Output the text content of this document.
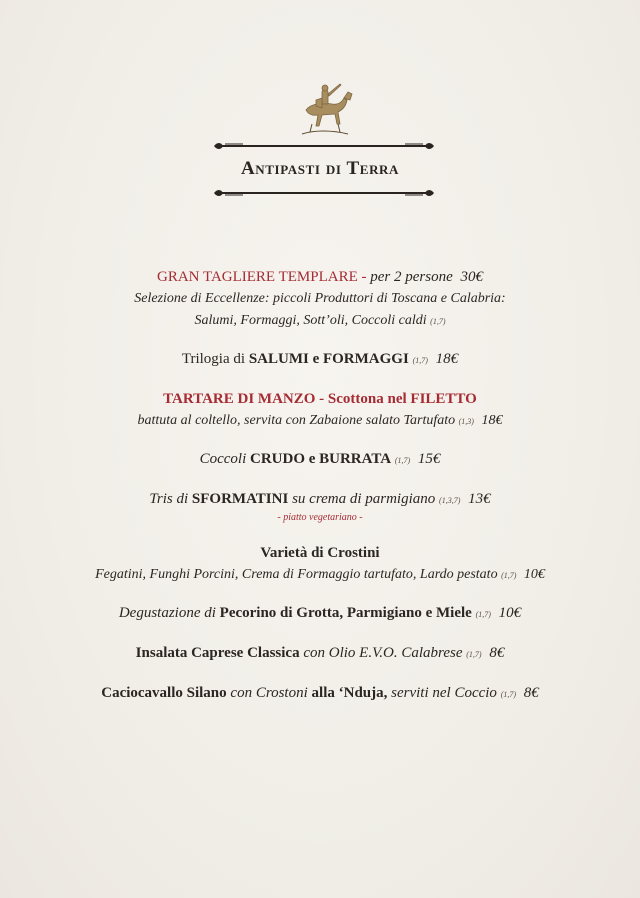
Antipasti di Terra
GRAN TAGLIERE TEMPLARE - per 2 persone 30€
Selezione di Eccellenze: piccoli Produttori di Toscana e Calabria:
Salumi, Formaggi, Sott’oli, Coccoli caldi (1,7)
Trilogia di SALUMI e FORMAGGI (1,7) 18€
TARTARE DI MANZO - Scottona nel FILETTO
battuta al coltello, servita con Zabaione salato Tartufato (1,3) 18€
Coccoli CRUDO e BURRATA (1,7) 15€
Tris di SFORMATINI su crema di parmigiano (1,3,7) 13€
- piatto vegetariano -
Varietà di Crostini
Fegatini, Funghi Porcini, Crema di Formaggio tartufato, Lardo pestato (1,7) 10€
Degustazione di Pecorino di Grotta, Parmigiano e Miele (1,7) 10€
Insalata Caprese Classica con Olio E.V.O. Calabrese (1,7) 8€
Caciocavallo Silano con Crostoni alla ‘Nduja, serviti nel Coccio (1,7) 8€
